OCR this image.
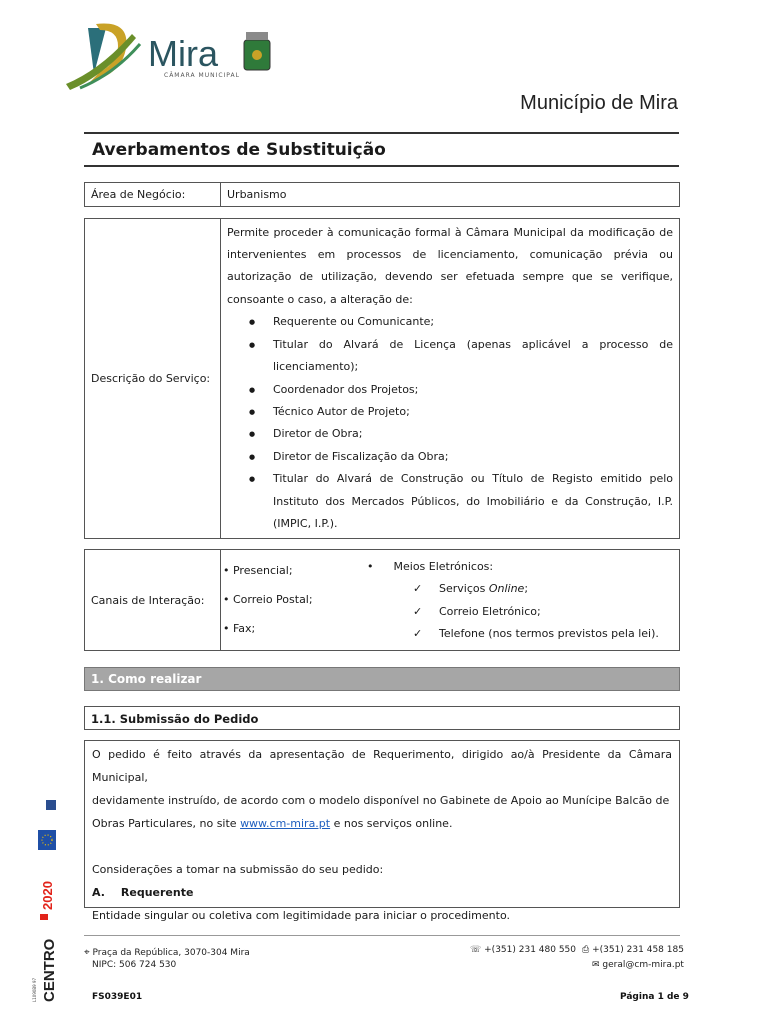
Mira
CÂMARA MUNICIPAL
Município de Mira
Averbamentos de Substituição
Área de Negócio:	Urbanismo
Descrição do Serviço:	

Permite proceder à comunicação formal à Câmara Municipal da modificação de intervenientes em processos de licenciamento, comunicação prévia ou autorização de utilização, devendo ser efetuada sempre que se verifique, consoante o caso, a alteração de:

● Requerente ou Comunicante;
● Titular do Alvará de Licença (apenas aplicável a processo de licenciamento);
● Coordenador dos Projetos;
● Técnico Autor de Projeto;
● Diretor de Obra;
● Diretor de Fiscalização da Obra;
● Titular do Alvará de Construção ou Título de Registo emitido pelo Instituto dos Mercados Públicos, do Imobiliário e da Construção, I.P. (IMPIC, I.P.).
Canais de Interação:	
• Presencial;
• Correio Postal;
• Fax;
• Meios Eletrónicos:
✓ Serviços Online;
✓ Correio Eletrónico;
✓ Telefone (nos termos previstos pela lei).
1. Como realizar
1.1. Submissão do Pedido
O pedido é feito através da apresentação de Requerimento, dirigido ao/à Presidente da Câmara Municipal,
devidamente instruído, de acordo com o modelo disponível no Gabinete de Apoio ao Munícipe Balcão de
Obras Particulares, no site www.cm-mira.pt e nos serviços online.
Considerações a tomar na submissão do seu pedido:
A. Requerente
Entidade singular ou coletiva com legitimidade para iniciar o procedimento.
⌖ Praça da República, 3070-304 Mira
NIPC: 506 724 530
☏ +(351) 231 480 550 ⎙ +(351) 231 458 185
✉ geral@cm-mira.pt
FS039E01	Página 1 de 9
2020
CENTRO
L1090B9 97
